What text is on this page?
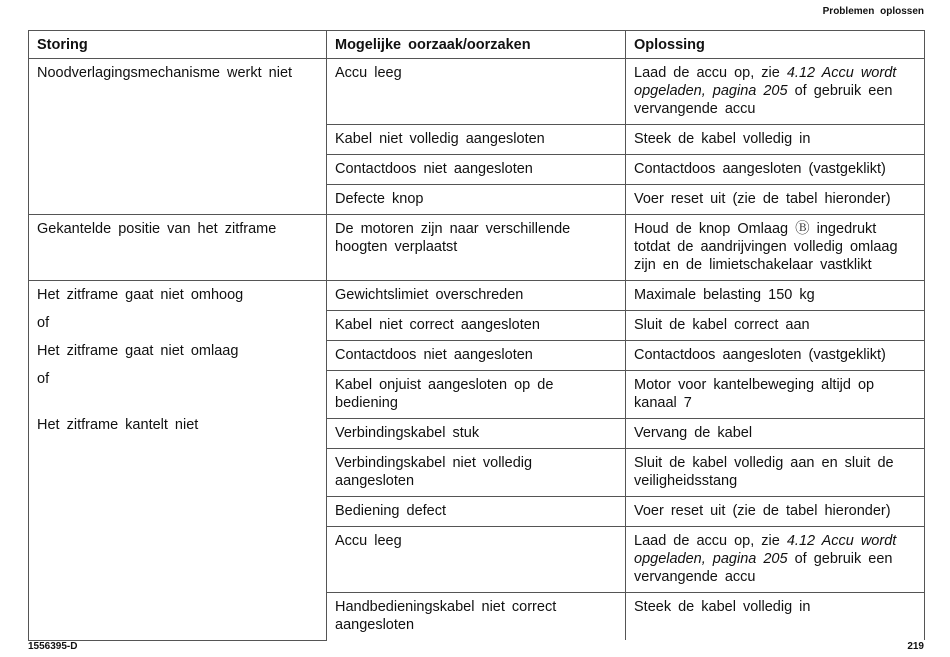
Problemen oplossen
Storing	Mogelijke oorzaak/oorzaken	Oplossing
Noodverlagingsmechanisme werkt niet	Accu leeg	Laad de accu op, zie 4.12 Accu wordt opgeladen, pagina 205 of gebruik een vervangende accu
	Kabel niet volledig aangesloten	Steek de kabel volledig in
	Contactdoos niet aangesloten	Contactdoos aangesloten (vastgeklikt)
	Defecte knop	Voer reset uit (zie de tabel hieronder)
Gekantelde positie van het zitframe	De motoren zijn naar verschillende hoogten verplaatst	Houd de knop Omlaag Ⓑ ingedrukt totdat de aandrijvingen volledig omlaag zijn en de limietschakelaar vastklikt

Het zitframe gaat niet omhoog
of
Het zitframe gaat niet omlaag
of
Het zitframe kantelt niet	Gewichtslimiet overschreden	Maximale belasting 150 kg
	Kabel niet correct aangesloten	Sluit de kabel correct aan
	Contactdoos niet aangesloten	Contactdoos aangesloten (vastgeklikt)
	Kabel onjuist aangesloten op de bediening	Motor voor kantelbeweging altijd op kanaal 7
	Verbindingskabel stuk	Vervang de kabel
	Verbindingskabel niet volledig aangesloten	Sluit de kabel volledig aan en sluit de veiligheidsstang
	Bediening defect	Voer reset uit (zie de tabel hieronder)
	Accu leeg	Laad de accu op, zie 4.12 Accu wordt opgeladen, pagina 205 of gebruik een vervangende accu
	Handbedieningskabel niet correct aangesloten	Steek de kabel volledig in
1556395-D	219
